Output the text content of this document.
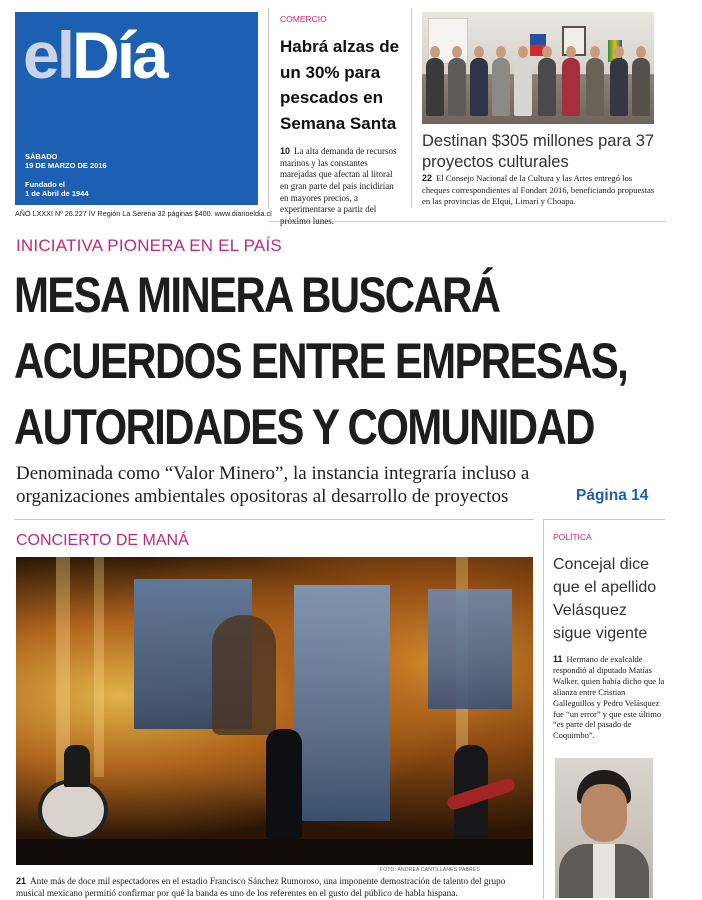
elDía
SÁBADO
19 DE MARZO DE 2016
Fundado el
1 de Abril de 1944
AÑO LXXXI Nº 26.227 IV Región La Serena 32 páginas $400. www.diarioeldia.cl
COMERCIO
Habrá alzas de un 30% para pescados en Semana Santa
10 La alta demanda de recursos marinos y las constantes marejadas que afectan al litoral en gran parte del país incidirían en mayores precios, a experimentarse a partir del próximo lunes.
Destinan $305 millones para 37 proyectos culturales
22 El Consejo Nacional de la Cultura y las Artes entregó los cheques correspondientes al Fondart 2016, beneficiando propuestas en las provincias de Elqui, Limarí y Choapa.
INICIATIVA PIONERA EN EL PAÍS
MESA MINERA BUSCARÁ
ACUERDOS ENTRE EMPRESAS,
AUTORIDADES Y COMUNIDAD
Denominada como “Valor Minero”, la instancia integraría incluso a
organizaciones ambientales opositoras al desarrollo de proyectos	Página 14
CONCIERTO DE MANÁ
FOTO: ANDREA CANTILLANES PABRES
21 Ante más de doce mil espectadores en el estadio Francisco Sánchez Rumoroso, una imponente demostración de talento del grupo musical mexicano permitió confirmar por qué la banda es uno de los referentes en el gusto del público de habla hispana.
POLÍTICA
Concejal dice que el apellido Velásquez sigue vigente
11 Hermano de exalcalde respondió al diputado Matías Walker, quien había dicho que la alianza entre Cristian Galleguillos y Pedro Velásquez fue “un error” y que este último “es parte del pasado de Coquimbo”.
